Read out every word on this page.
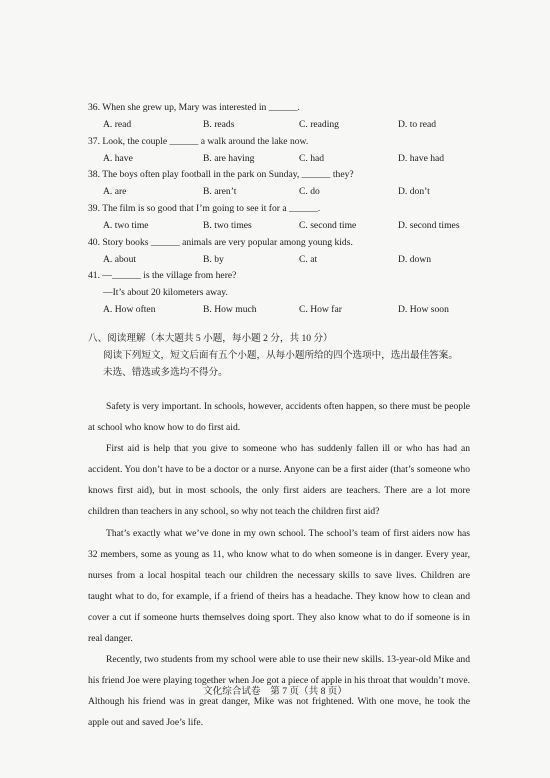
36. When she grew up, Mary was interested in ______.
A. read	B. reads	C. reading	D. to read
37. Look, the couple ______ a walk around the lake now.
A. have	B. are having	C. had	D. have had
38. The boys often play football in the park on Sunday, ______ they?
A. are	B. aren’t	C. do	D. don’t
39. The film is so good that I’m going to see it for a ______.
A. two time	B. two times	C. second time	D. second times
40. Story books ______ animals are very popular among young kids.
A. about	B. by	C. at	D. down
41. —______ is the village from here?
—It’s about 20 kilometers away.
A. How often	B. How much	C. How far	D. How soon
八、阅读理解（本大题共 5 小题，每小题 2 分，共 10 分）
阅读下列短文，短文后面有五个小题，从每小题所给的四个选项中，选出最佳答案。
未选、错选或多选均不得分。

Safety is very important. In schools, however, accidents often happen, so there must be people at school who know how to do first aid.

First aid is help that you give to someone who has suddenly fallen ill or who has had an accident. You don’t have to be a doctor or a nurse. Anyone can be a first aider (that’s someone who knows first aid), but in most schools, the only first aiders are teachers. There are a lot more children than teachers in any school, so why not teach the children first aid?

That’s exactly what we’ve done in my own school. The school’s team of first aiders now has 32 members, some as young as 11, who know what to do when someone is in danger. Every year, nurses from a local hospital teach our children the necessary skills to save lives. Children are taught what to do, for example, if a friend of theirs has a headache. They know how to clean and cover a cut if someone hurts themselves doing sport. They also know what to do if someone is in real danger.

Recently, two students from my school were able to use their new skills. 13-year-old Mike and his friend Joe were playing together when Joe got a piece of apple in his throat that wouldn’t move. Although his friend was in great danger, Mike was not frightened. With one move, he took the apple out and saved Joe’s life.

文化综合试卷　第 7 页（共 8 页）
